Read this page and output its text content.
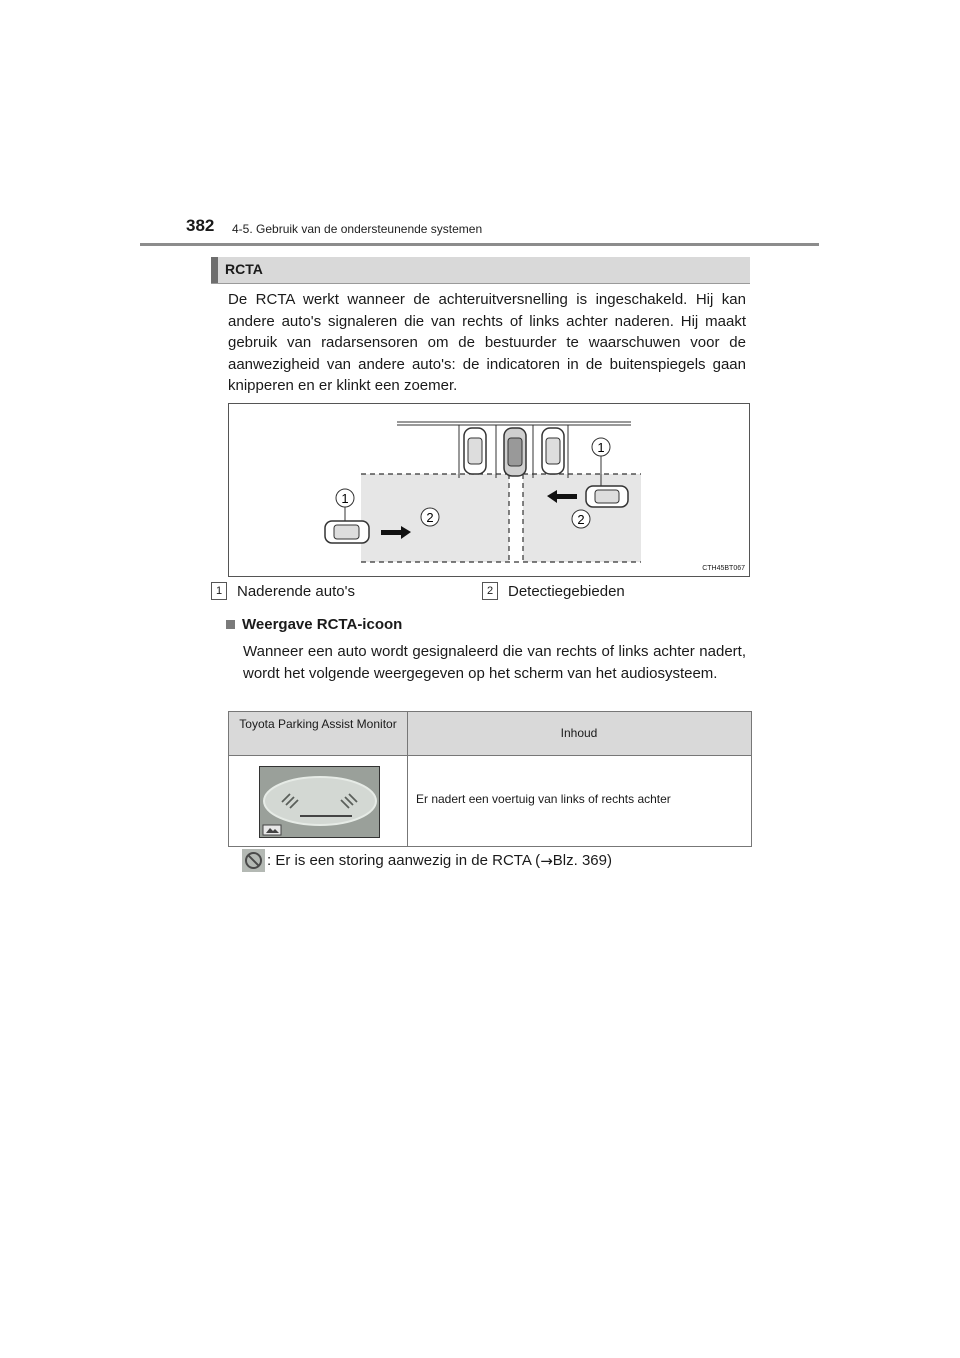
382 4-5. Gebruik van de ondersteunende systemen
RCTA
De RCTA werkt wanneer de achteruitversnelling is ingeschakeld. Hij kan andere auto's signaleren die van rechts of links achter naderen. Hij maakt gebruik van radarsensoren om de bestuurder te waarschuwen voor de aanwezigheid van andere auto's: de indicatoren in de buitenspiegels gaan knipperen en er klinkt een zoemer.
1
1
2	2
CTH45BT067
1 Naderende auto's	2 Detectiegebieden
Weergave RCTA-icoon
Wanneer een auto wordt gesignaleerd die van rechts of links achter nadert, wordt het volgende weergegeven op het scherm van het audiosysteem.
Toyota Parking Assist Monitor
Inhoud
Er nadert een voertuig van links of rechts achter
: Er is een storing aanwezig in de RCTA ( → Blz. 369)
